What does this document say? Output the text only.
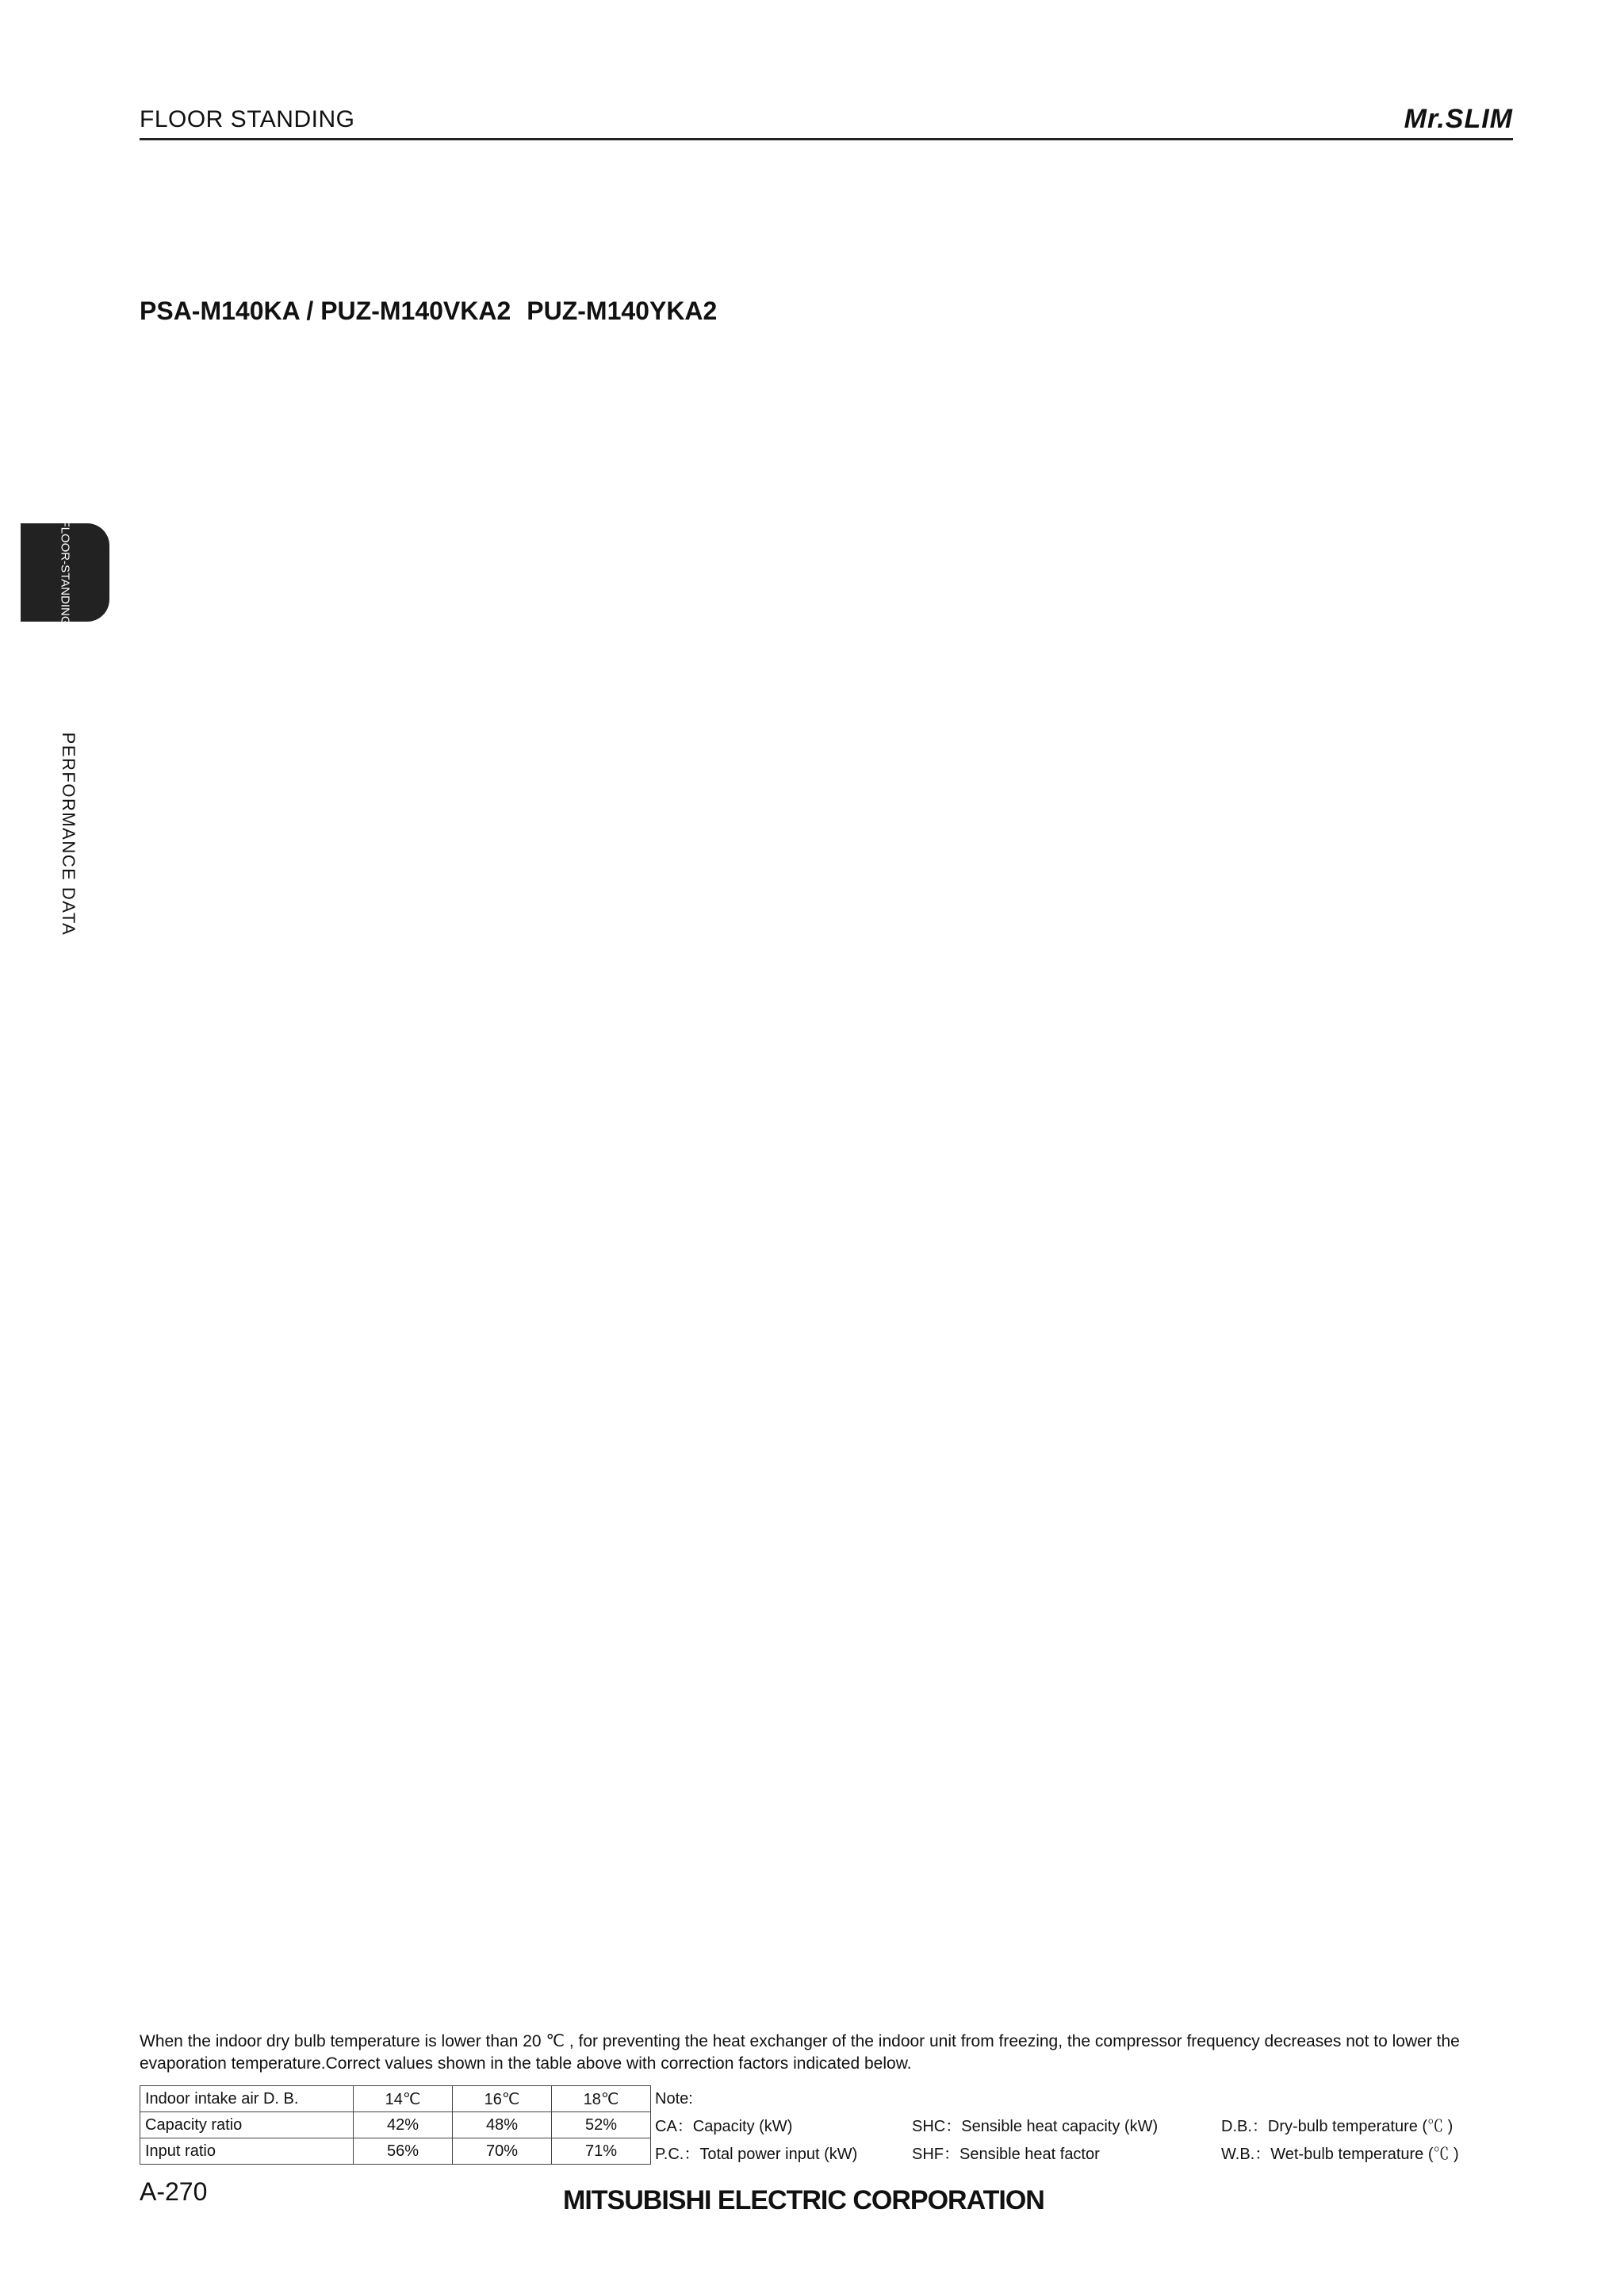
FLOOR STANDING	Mr.SLIM
FLOOR-STANDING
PERFORMANCE DATA
PSA-M140KA / PUZ-M140VKA2 PUZ-M140YKA2

When the indoor dry bulb temperature is lower than 20 ℃ , for preventing the heat exchanger of the indoor unit from freezing, the compressor frequency decreases not to lower the evaporation temperature.Correct values shown in the table above with correction factors indicated below.

Indoor intake air D. B.	14℃	16℃	18℃
Capacity ratio	42%	48%	52%
Input ratio	56%	70%	71%
Note:
CA：Capacity (kW)	SHC：Sensible heat capacity (kW)	D.B.：Dry-bulb temperature (℃ )
P.C.：Total power input (kW)	SHF：Sensible heat factor	W.B.：Wet-bulb temperature (℃ )
A-270	MITSUBISHI ELECTRIC CORPORATION
